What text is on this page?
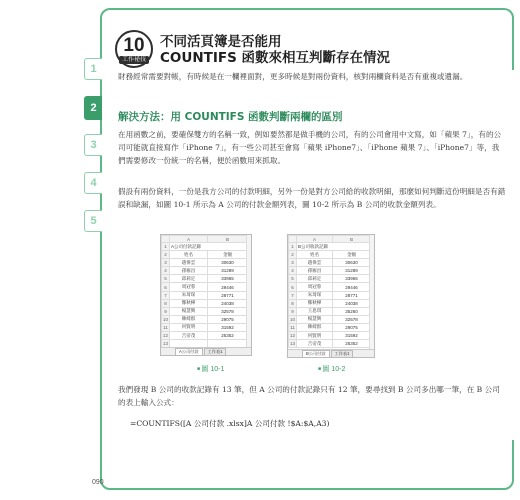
1
2
3
4
5
10
工作祕技
不同活頁簿是否能用
COUNTIFS 函數來相互判斷存在情況

財務經常需要對帳，有時候是在一欄裡面對，更多時候是對兩份資料，核對兩欄資料是否有重複或遺漏。

解決方法：用 COUNTIFS 函數判斷兩欄的區別

在用函數之前，要確保雙方的名稱一致，例如要然都是做手機的公司，有的公司會用中文寫，如「蘋果 7」，有的公司可能就直接寫作「iPhone 7」，有一些公司甚至會寫「蘋果 iPhone7」、「iPhone 蘋果 7」、「iPhone7」等，我們需要修改一份統一的名稱，便於函數用來抓取。

假設有兩份資料，一份是我方公司的付款明細，另外一份是對方公司給的收款明細，那麼如何判斷這份明細是否有錯誤和缺漏，如圖 10-1 所示為 A 公司的付款金額列表，圖 10-2 所示為 B 公司的收款金額列表。

	A	B
1	A公司付款記錄	
2	姓名	金額
3	趙偉雲	30630
4	孫雁昌	31289
5	邱莉定	33965
6	周冠蓉	29446
7	朱琦琛	28771
8	鄭秋樺	24038
9	楊慧興	32578
10	陳綺群	29075
11	何賢明	31592
12	吉帝茂	25352
13		
A公司付款	工作表1
■ 圖 10-1
	A	B
1	B公司收款記錄	
2	姓名	金額
3	趙偉雲	30630
4	孫雁昌	31289
5	邱莉定	33965
6	周冠蓉	29446
7	朱琦琛	28771
8	鄭秋樺	24038
9	王思琪	35260
10	楊慧興	32578
11	陳綺群	29075
12	何賢明	31592
13	吉帝茂	25352
B公司付款	工作表1
■ 圖 10-2

我們發現 B 公司的收款記錄有 13 筆，但 A 公司的付款記錄只有 12 筆，要尋找到 B 公司多出哪一筆，在 B 公司的表上輸入公式：

=COUNTIFS([A 公司付款 .xlsx]A 公司付款 !$A:$A,A3)
090
